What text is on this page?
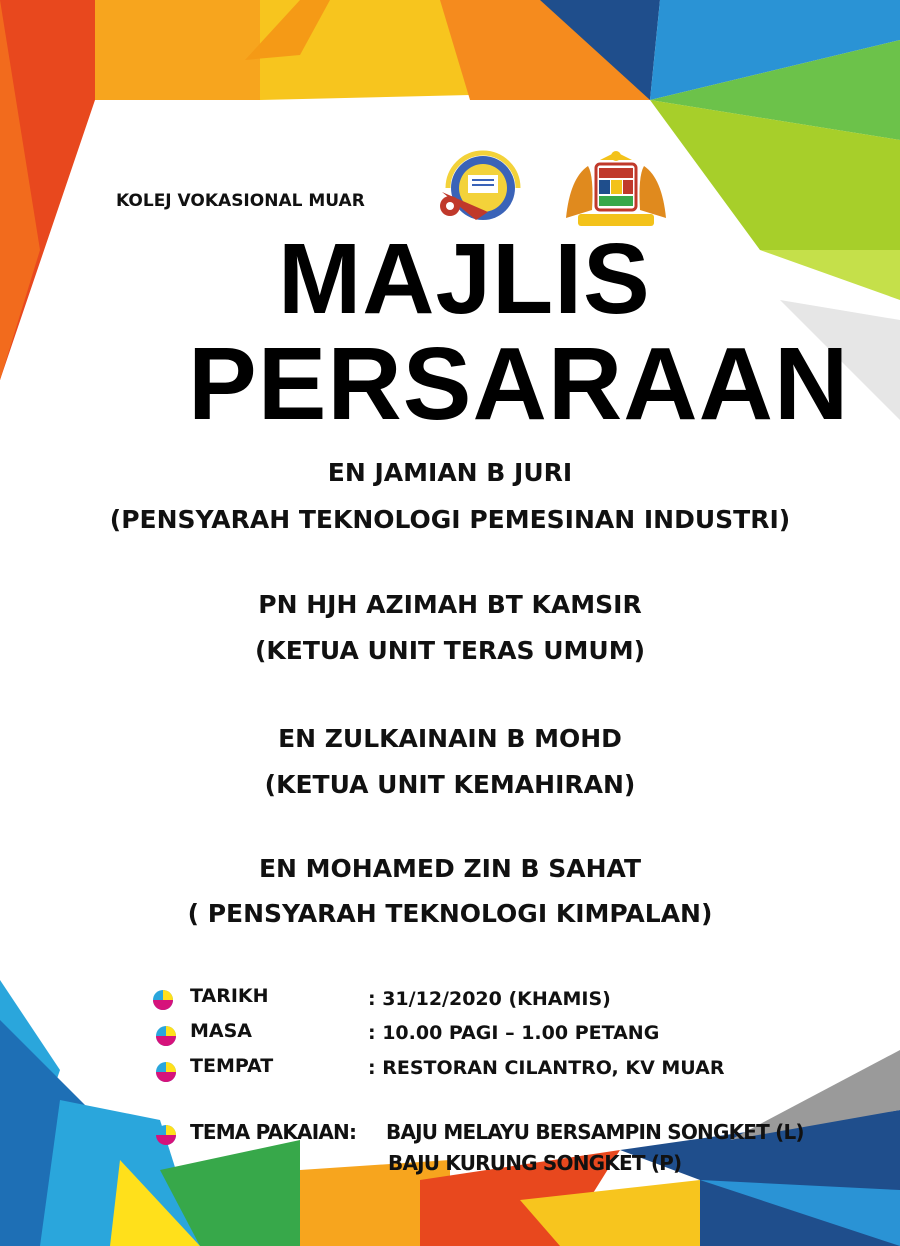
KOLEJ VOKASIONAL MUAR
MAJLIS
PERSARAAN
EN JAMIAN B JURI
(PENSYARAH TEKNOLOGI PEMESINAN INDUSTRI)
PN HJH AZIMAH BT KAMSIR
(KETUA UNIT TERAS UMUM)
EN ZULKAINAIN B MOHD
(KETUA UNIT KEMAHIRAN)
EN MOHAMED ZIN B SAHAT
( PENSYARAH TEKNOLOGI KIMPALAN)
TARIKH	: 31/12/2020 (KHAMIS)
MASA	: 10.00 PAGI – 1.00 PETANG
TEMPAT	: RESTORAN CILANTRO, KV MUAR
TEMA PAKAIAN: BAJU MELAYU BERSAMPIN SONGKET (L)
BAJU KURUNG SONGKET (P)
